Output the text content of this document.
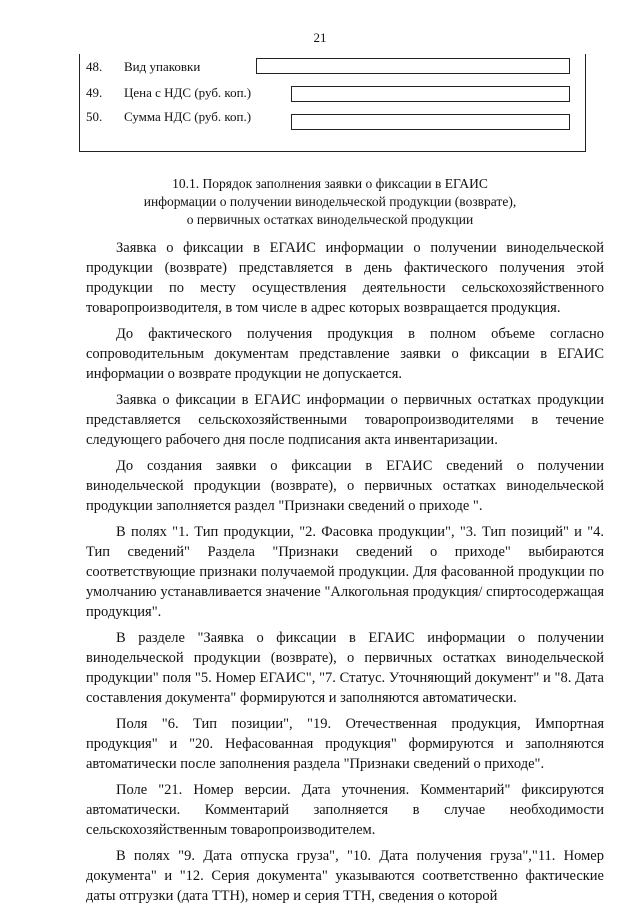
21
48.	Вид упаковки
49.	Цена с НДС (руб. коп.)
50.	Сумма НДС (руб. коп.)
10.1. Порядок заполнения заявки о фиксации в ЕГАИС
информации о получении винодельческой продукции (возврате),
о первичных остатках винодельческой продукции

Заявка о фиксации в ЕГАИС информации о получении винодельческой продукции (возврате) представляется в день фактического получения этой продукции по месту осуществления деятельности сельскохозяйственного товаропроизводителя, в том числе в адрес которых возвращается продукция.

До фактического получения продукция в полном объеме согласно сопроводительным документам представление заявки о фиксации в ЕГАИС информации о возврате продукции не допускается.

Заявка о фиксации в ЕГАИС информации о первичных остатках продукции представляется сельскохозяйственными товаропроизводителями в течение следующего рабочего дня после подписания акта инвентаризации.

До создания заявки о фиксации в ЕГАИС сведений о получении винодельческой продукции (возврате), о первичных остатках винодельческой продукции заполняется раздел "Признаки сведений о приходе ".

В полях "1. Тип продукции, "2. Фасовка продукции", "3. Тип позиций" и "4. Тип сведений" Раздела "Признаки сведений о приходе" выбираются соответствующие признаки получаемой продукции. Для фасованной продукции по умолчанию устанавливается значение "Алкогольная продукция/ спиртосодержащая продукция".

В разделе "Заявка о фиксации в ЕГАИС информации о получении винодельческой продукции (возврате), о первичных остатках винодельческой продукции" поля "5. Номер ЕГАИС", "7. Статус. Уточняющий документ" и "8. Дата составления документа" формируются и заполняются автоматически.

Поля "6. Тип позиции", "19. Отечественная продукция, Импортная продукция" и "20. Нефасованная продукция" формируются и заполняются автоматически после заполнения раздела "Признаки сведений о приходе".

Поле "21. Номер версии. Дата уточнения. Комментарий" фиксируются автоматически. Комментарий заполняется в случае необходимости сельскохозяйственным товаропроизводителем.

В полях "9. Дата отпуска груза", "10. Дата получения груза","11. Номер документа" и "12. Серия документа" указываются соответственно фактические даты отгрузки (дата ТТН), номер и серия ТТН, сведения о которой
